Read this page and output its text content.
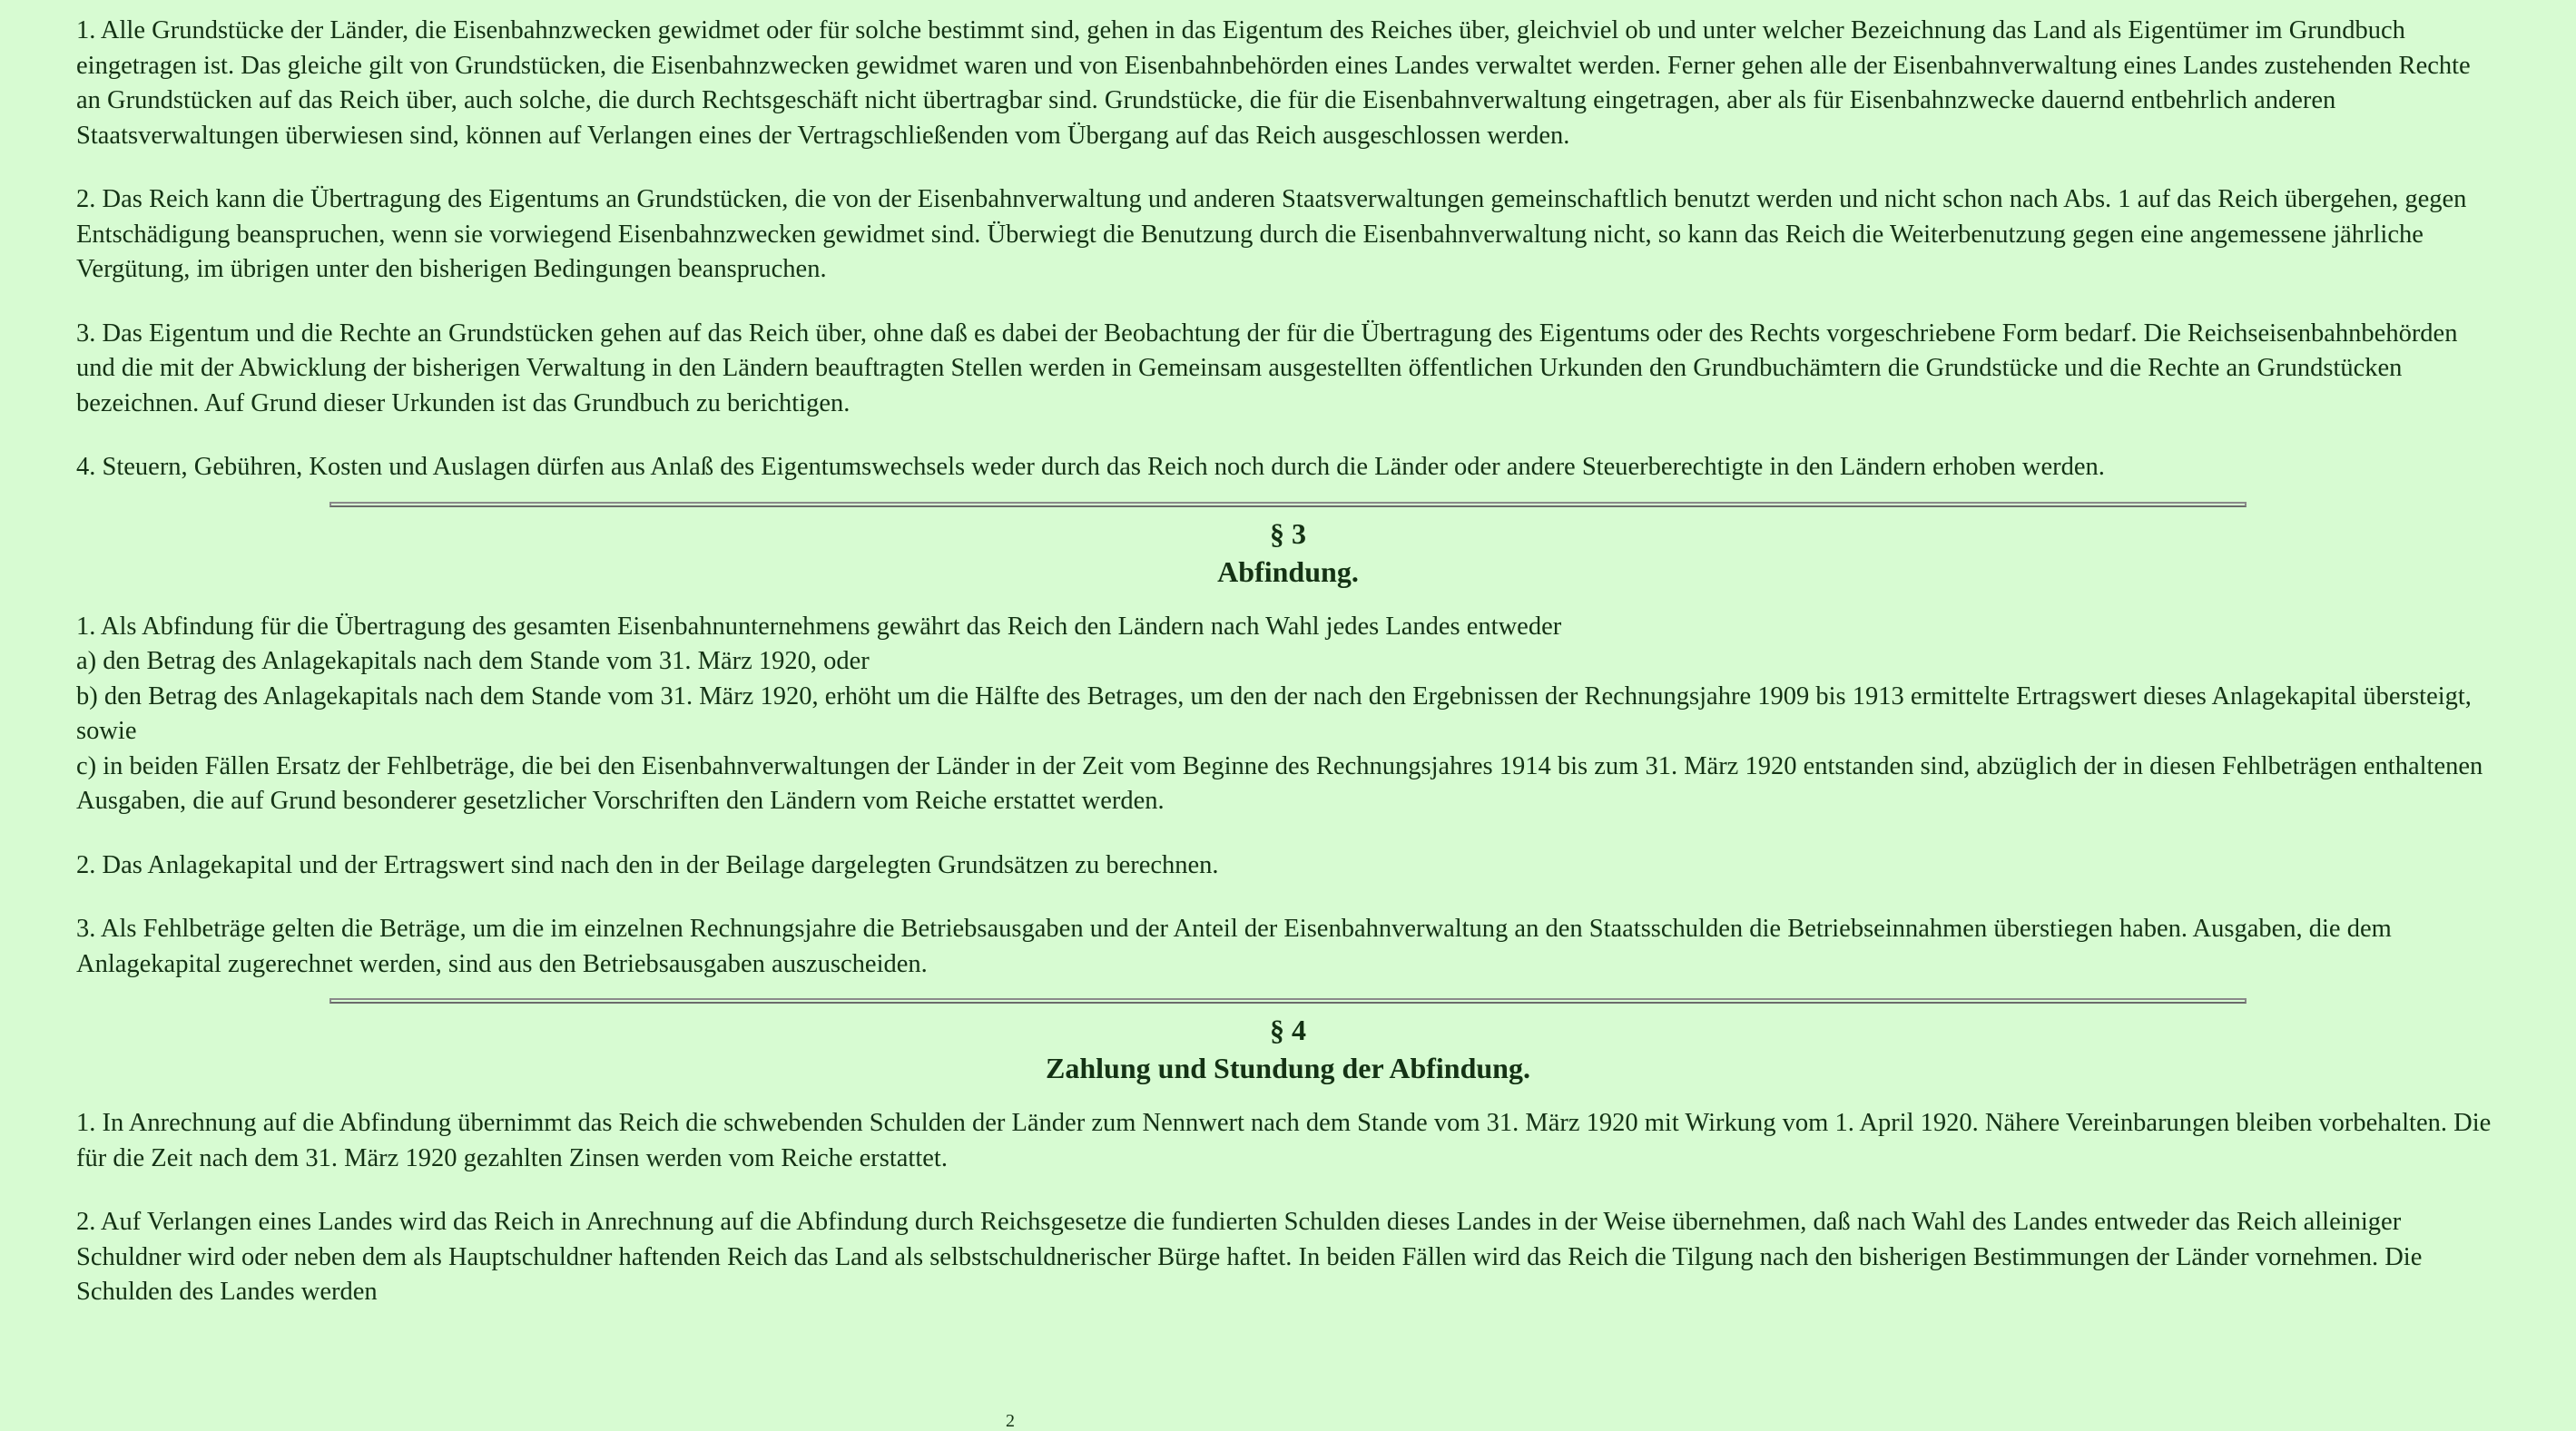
1. Alle Grundstücke der Länder, die Eisenbahnzwecken gewidmet oder für solche bestimmt sind, gehen in das Eigentum des Reiches über, gleichviel ob und unter welcher Bezeichnung das Land als Eigentümer im Grundbuch eingetragen ist. Das gleiche gilt von Grundstücken, die Eisenbahnzwecken gewidmet waren und von Eisenbahnbehörden eines Landes verwaltet werden. Ferner gehen alle der Eisenbahnverwaltung eines Landes zustehenden Rechte an Grundstücken auf das Reich über, auch solche, die durch Rechtsgeschäft nicht übertragbar sind. Grundstücke, die für die Eisenbahnverwaltung eingetragen, aber als für Eisenbahnzwecke dauernd entbehrlich anderen Staatsverwaltungen überwiesen sind, können auf Verlangen eines der Vertragschließenden vom Übergang auf das Reich ausgeschlossen werden.

2. Das Reich kann die Übertragung des Eigentums an Grundstücken, die von der Eisenbahnverwaltung und anderen Staatsverwaltungen gemeinschaftlich benutzt werden und nicht schon nach Abs. 1 auf das Reich übergehen, gegen Entschädigung beanspruchen, wenn sie vorwiegend Eisenbahnzwecken gewidmet sind. Überwiegt die Benutzung durch die Eisenbahnverwaltung nicht, so kann das Reich die Weiterbenutzung gegen eine angemessene jährliche Vergütung, im übrigen unter den bisherigen Bedingungen beanspruchen.

3. Das Eigentum und die Rechte an Grundstücken gehen auf das Reich über, ohne daß es dabei der Beobachtung der für die Übertragung des Eigentums oder des Rechts vorgeschriebene Form bedarf. Die Reichseisenbahnbehörden und die mit der Abwicklung der bisherigen Verwaltung in den Ländern beauftragten Stellen werden in Gemeinsam ausgestellten öffentlichen Urkunden den Grundbuchämtern die Grundstücke und die Rechte an Grundstücken bezeichnen. Auf Grund dieser Urkunden ist das Grundbuch zu berichtigen.

4. Steuern, Gebühren, Kosten und Auslagen dürfen aus Anlaß des Eigentumswechsels weder durch das Reich noch durch die Länder oder andere Steuerberechtigte in den Ländern erhoben werden.

§ 3
Abfindung.

1. Als Abfindung für die Übertragung des gesamten Eisenbahnunternehmens gewährt das Reich den Ländern nach Wahl jedes Landes entweder
a) den Betrag des Anlagekapitals nach dem Stande vom 31. März 1920, oder
b) den Betrag des Anlagekapitals nach dem Stande vom 31. März 1920, erhöht um die Hälfte des Betrages, um den der nach den Ergebnissen der Rechnungsjahre 1909 bis 1913 ermittelte Ertragswert dieses Anlagekapital übersteigt, sowie
c) in beiden Fällen Ersatz der Fehlbeträge, die bei den Eisenbahnverwaltungen der Länder in der Zeit vom Beginne des Rechnungsjahres 1914 bis zum 31. März 1920 entstanden sind, abzüglich der in diesen Fehlbeträgen enthaltenen Ausgaben, die auf Grund besonderer gesetzlicher Vorschriften den Ländern vom Reiche erstattet werden.

2. Das Anlagekapital und der Ertragswert sind nach den in der Beilage dargelegten Grundsätzen zu berechnen.

3. Als Fehlbeträge gelten die Beträge, um die im einzelnen Rechnungsjahre die Betriebsausgaben und der Anteil der Eisenbahnverwaltung an den Staatsschulden die Betriebseinnahmen überstiegen haben. Ausgaben, die dem Anlagekapital zugerechnet werden, sind aus den Betriebsausgaben auszuscheiden.

§ 4
Zahlung und Stundung der Abfindung.

1. In Anrechnung auf die Abfindung übernimmt das Reich die schwebenden Schulden der Länder zum Nennwert nach dem Stande vom 31. März 1920 mit Wirkung vom 1. April 1920. Nähere Vereinbarungen bleiben vorbehalten. Die für die Zeit nach dem 31. März 1920 gezahlten Zinsen werden vom Reiche erstattet.

2. Auf Verlangen eines Landes wird das Reich in Anrechnung auf die Abfindung durch Reichsgesetze die fundierten Schulden dieses Landes in der Weise übernehmen, daß nach Wahl des Landes entweder das Reich alleiniger Schuldner wird oder neben dem als Hauptschuldner haftenden Reich das Land als selbstschuldnerischer Bürge haftet. In beiden Fällen wird das Reich die Tilgung nach den bisherigen Bestimmungen der Länder vornehmen. Die Schulden des Landes werden

2
